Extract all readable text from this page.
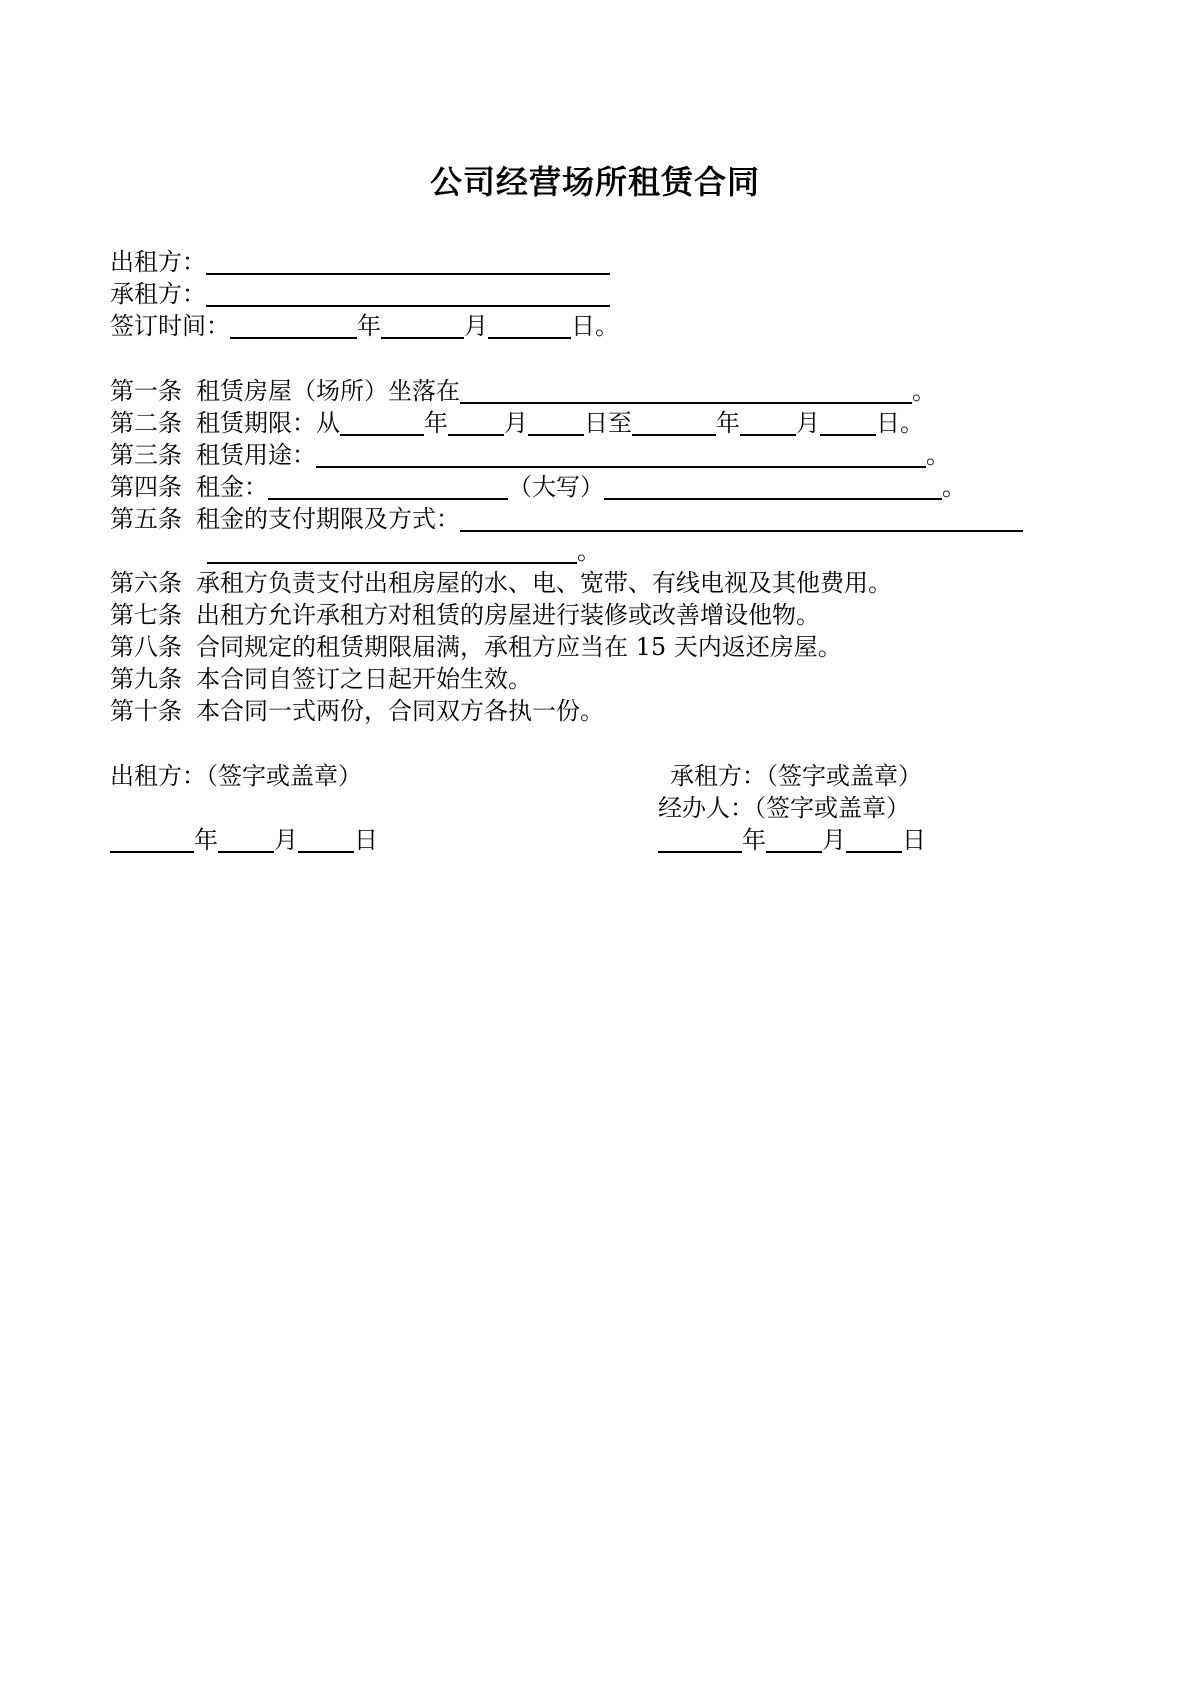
公司经营场所租赁合同
出租方：
承租方：
签订时间：	年	月	日。
第一条 租赁房屋（场所）坐落在	。
第二条 租赁期限：从	年 月 日至	年 月 日。
第三条 租赁用途：	。
第四条 租金：	（大写）	。
第五条 租金的支付期限及方式：
。
第六条 承租方负责支付出租房屋的水、电、宽带、有线电视及其他费用。
第七条 出租方允许承租方对租赁的房屋进行装修或改善增设他物。
第八条 合同规定的租赁期限届满，承租方应当在 15 天内返还房屋。
第九条 本合同自签订之日起开始生效。
第十条 本合同一式两份，合同双方各执一份。
出租方：（签字或盖章）	承租方：（签字或盖章）
经办人：（签字或盖章）
年 月 日	年 月 日
